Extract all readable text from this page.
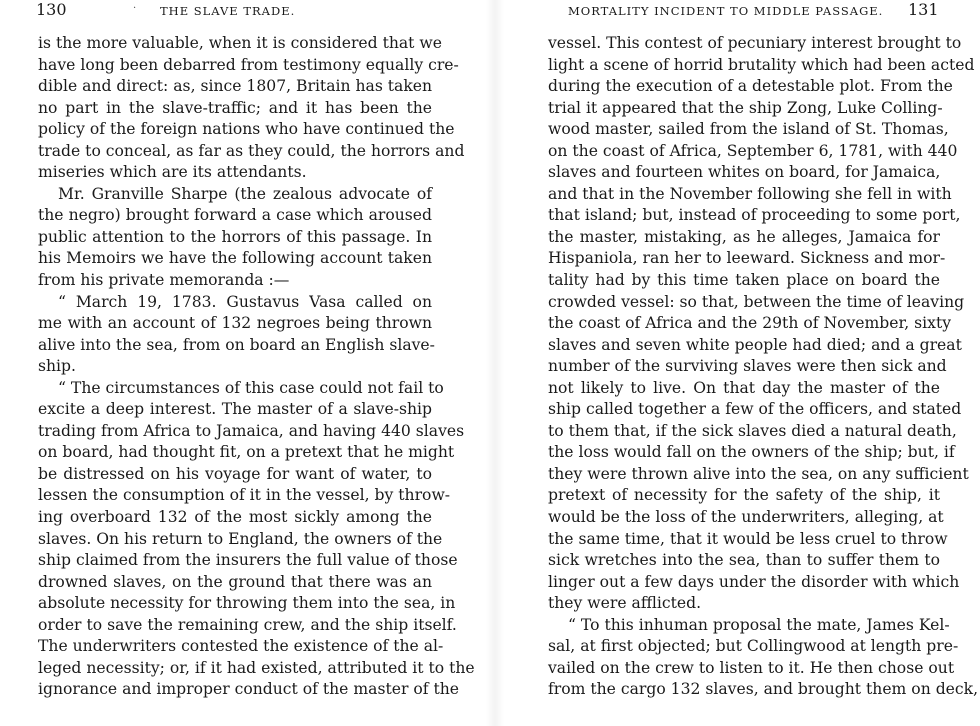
130	· THE SLAVE TRADE.
is the more valuable, when it is considered that we
have long been debarred from testimony equally cre-
dible and direct: as, since 1807, Britain has taken
no part in the slave-traffic; and it has been the
policy of the foreign nations who have continued the
trade to conceal, as far as they could, the horrors and
miseries which are its attendants.
Mr. Granville Sharpe (the zealous advocate of
the negro) brought forward a case which aroused
public attention to the horrors of this passage. In
his Memoirs we have the following account taken
from his private memoranda :—
“ March 19, 1783. Gustavus Vasa called on
me with an account of 132 negroes being thrown
alive into the sea, from on board an English slave-
ship.
“ The circumstances of this case could not fail to
excite a deep interest. The master of a slave-ship
trading from Africa to Jamaica, and having 440 slaves
on board, had thought fit, on a pretext that he might
be distressed on his voyage for want of water, to
lessen the consumption of it in the vessel, by throw-
ing overboard 132 of the most sickly among the
slaves. On his return to England, the owners of the
ship claimed from the insurers the full value of those
drowned slaves, on the ground that there was an
absolute necessity for throwing them into the sea, in
order to save the remaining crew, and the ship itself.
The underwriters contested the existence of the al-
leged necessity; or, if it had existed, attributed it to the
ignorance and improper conduct of the master of the
MORTALITY INCIDENT TO MIDDLE PASSAGE. 131
vessel. This contest of pecuniary interest brought to
light a scene of horrid brutality which had been acted
during the execution of a detestable plot. From the
trial it appeared that the ship Zong, Luke Colling-
wood master, sailed from the island of St. Thomas,
on the coast of Africa, September 6, 1781, with 440
slaves and fourteen whites on board, for Jamaica,
and that in the November following she fell in with
that island; but, instead of proceeding to some port,
the master, mistaking, as he alleges, Jamaica for
Hispaniola, ran her to leeward. Sickness and mor-
tality had by this time taken place on board the
crowded vessel: so that, between the time of leaving
the coast of Africa and the 29th of November, sixty
slaves and seven white people had died; and a great
number of the surviving slaves were then sick and
not likely to live. On that day the master of the
ship called together a few of the officers, and stated
to them that, if the sick slaves died a natural death,
the loss would fall on the owners of the ship; but, if
they were thrown alive into the sea, on any sufficient
pretext of necessity for the safety of the ship, it
would be the loss of the underwriters, alleging, at
the same time, that it would be less cruel to throw
sick wretches into the sea, than to suffer them to
linger out a few days under the disorder with which
they were afflicted.
“ To this inhuman proposal the mate, James Kel-
sal, at first objected; but Collingwood at length pre-
vailed on the crew to listen to it. He then chose out
from the cargo 132 slaves, and brought them on deck,
